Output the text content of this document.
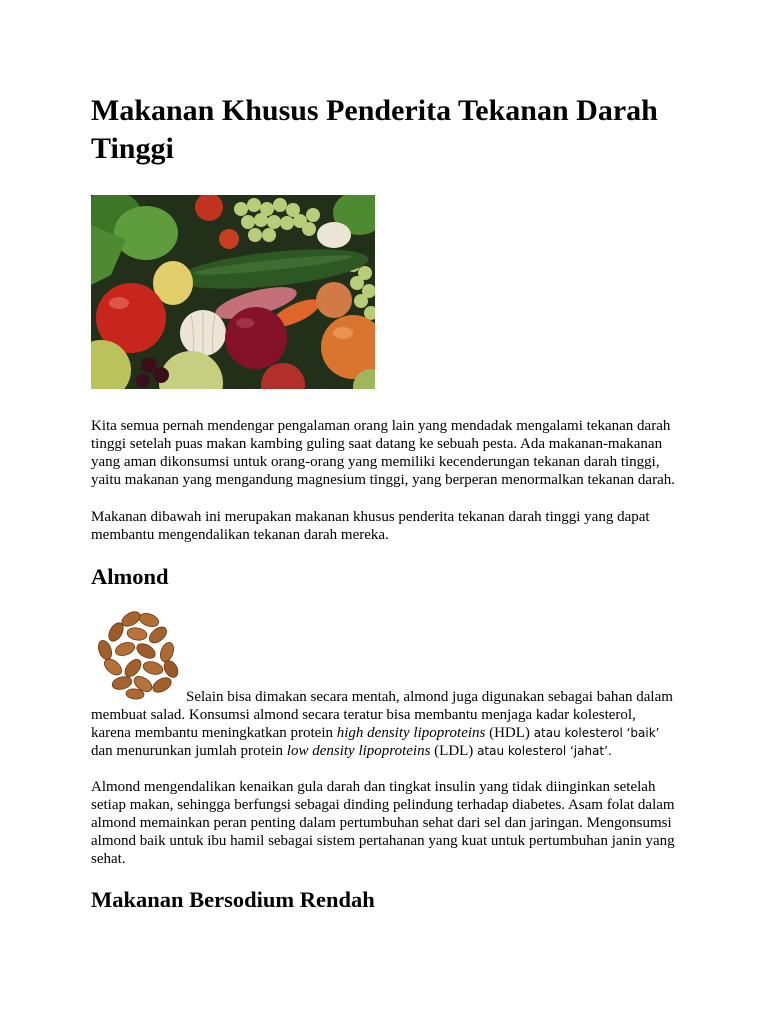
Makanan Khusus Penderita Tekanan Darah Tinggi
Kita semua pernah mendengar pengalaman orang lain yang mendadak mengalami tekanan darah
tinggi setelah puas makan kambing guling saat datang ke sebuah pesta. Ada makanan-makanan
yang aman dikonsumsi untuk orang-orang yang memiliki kecenderungan tekanan darah tinggi,
yaitu makanan yang mengandung magnesium tinggi, yang berperan menormalkan tekanan darah.
Makanan dibawah ini merupakan makanan khusus penderita tekanan darah tinggi yang dapat
membantu mengendalikan tekanan darah mereka.
Almond
Selain bisa dimakan secara mentah, almond juga digunakan sebagai bahan dalam
membuat salad. Konsumsi almond secara teratur bisa membantu menjaga kadar kolesterol,
karena membantu meningkatkan protein high density lipoproteins (HDL) atau kolesterol ‘baik’
dan menurunkan jumlah protein low density lipoproteins (LDL) atau kolesterol ‘jahat’.
Almond mengendalikan kenaikan gula darah dan tingkat insulin yang tidak diinginkan setelah
setiap makan, sehingga berfungsi sebagai dinding pelindung terhadap diabetes. Asam folat dalam
almond memainkan peran penting dalam pertumbuhan sehat dari sel dan jaringan. Mengonsumsi
almond baik untuk ibu hamil sebagai sistem pertahanan yang kuat untuk pertumbuhan janin yang
sehat.
Makanan Bersodium Rendah
